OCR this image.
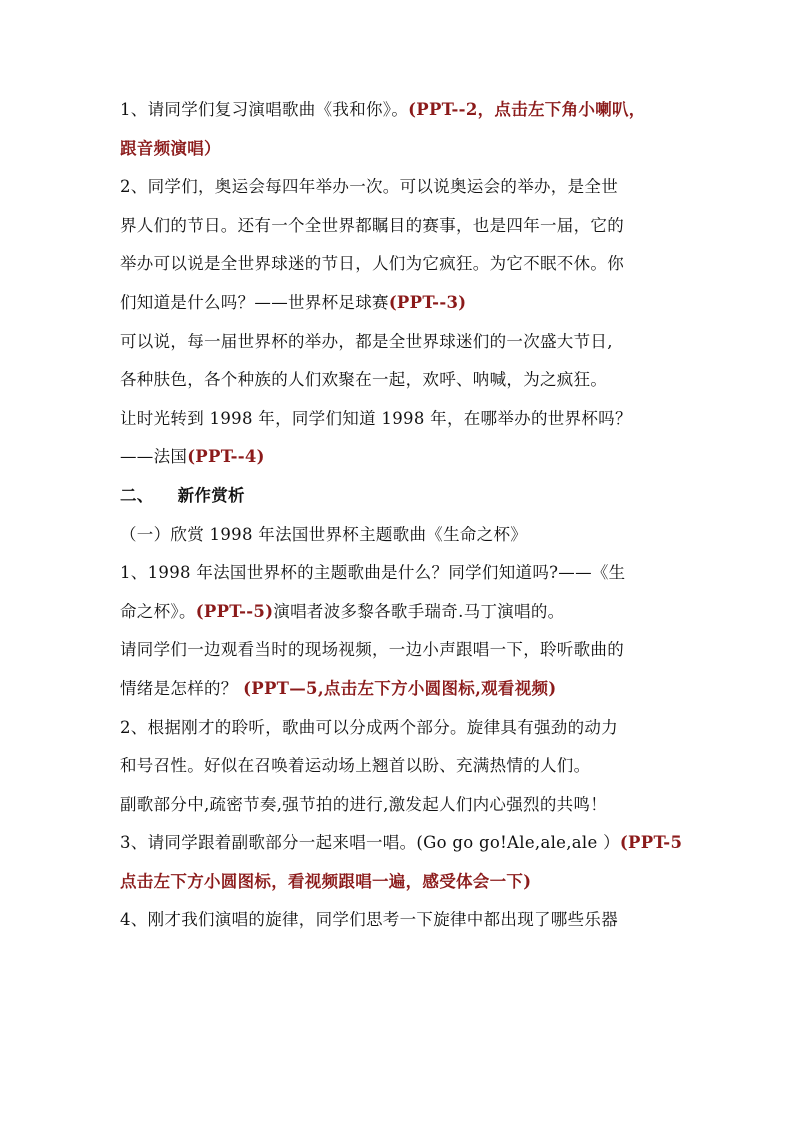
1、请同学们复习演唱歌曲《我和你》。(PPT--2，点击左下角小喇叭，
跟音频演唱）
2、同学们，奥运会每四年举办一次。可以说奥运会的举办，是全世
界人们的节日。还有一个全世界都瞩目的赛事，也是四年一届，它的
举办可以说是全世界球迷的节日，人们为它疯狂。为它不眠不休。你
们知道是什么吗？——世界杯足球赛(PPT--3)
可以说，每一届世界杯的举办，都是全世界球迷们的一次盛大节日,
各种肤色，各个种族的人们欢聚在一起，欢呼、呐喊，为之疯狂。
让时光转到 1998 年，同学们知道 1998 年，在哪举办的世界杯吗？
——法国(PPT--4)
二、 新作赏析
（一）欣赏 1998 年法国世界杯主题歌曲《生命之杯》
1、1998 年法国世界杯的主题歌曲是什么？同学们知道吗?——《生
命之杯》。(PPT--5)演唱者波多黎各歌手瑞奇.马丁演唱的。
请同学们一边观看当时的现场视频，一边小声跟唱一下，聆听歌曲的
情绪是怎样的？ (PPT—5,点击左下方小圆图标,观看视频)
2、根据刚才的聆听，歌曲可以分成两个部分。旋律具有强劲的动力
和号召性。好似在召唤着运动场上翘首以盼、充满热情的人们。
副歌部分中,疏密节奏,强节拍的进行,激发起人们内心强烈的共鸣！
3、请同学跟着副歌部分一起来唱一唱。(Go go go!Ale,ale,ale ）(PPT-5
点击左下方小圆图标，看视频跟唱一遍，感受体会一下)
4、刚才我们演唱的旋律，同学们思考一下旋律中都出现了哪些乐器
